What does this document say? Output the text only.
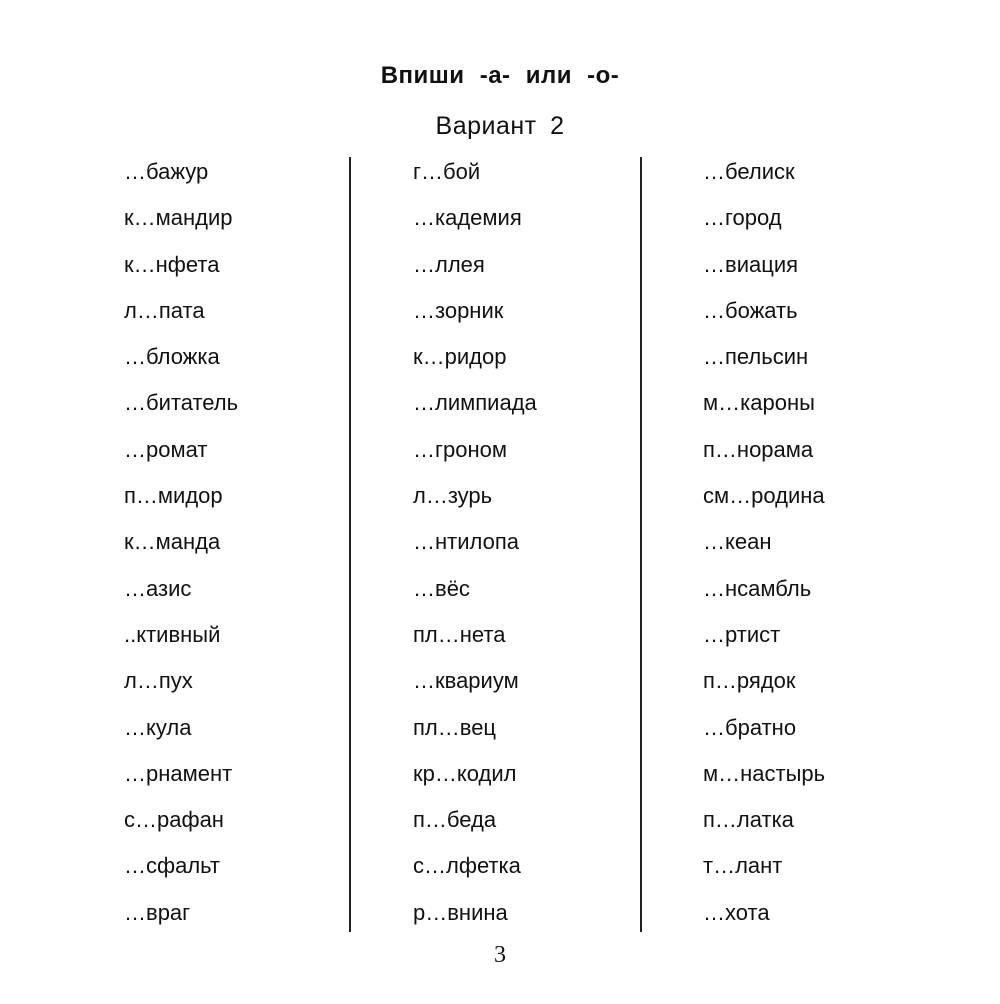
Впиши -а- или -о-
Вариант 2
…бажур
к…мандир
к…нфета
л…пата
…бложка
…битатель
…ромат
п…мидор
к…манда
…азис
..ктивный
л…пух
…кула
…рнамент
с…рафан
…сфальт
…враг
г…бой
…кадемия
…ллея
…зорник
к…ридор
…лимпиада
…гроном
л…зурь
…нтилопа
…вёс
пл…нета
…квариум
пл…вец
кр…кодил
п…беда
с…лфетка
р…внина
…белиск
…город
…виация
…божать
…пельсин
м…кароны
п…норама
см…родина
…кеан
…нсамбль
…ртист
п…рядок
…братно
м…настырь
п…латка
т…лант
…хота
3
